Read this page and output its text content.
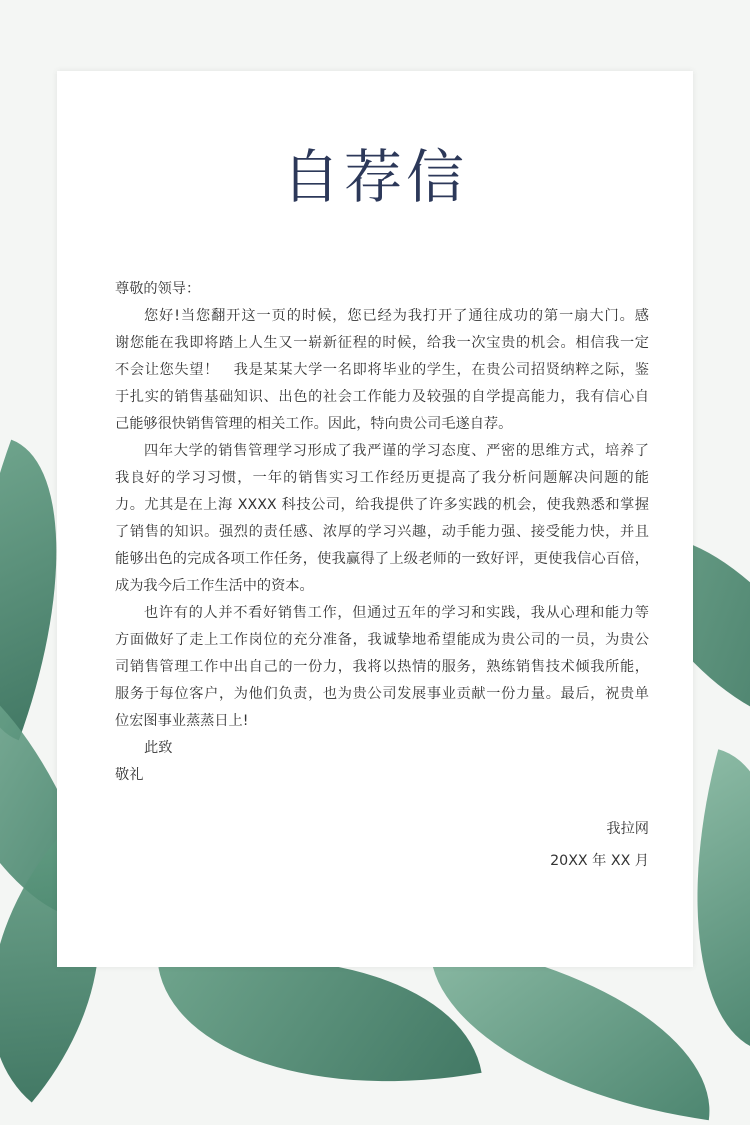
自荐信
尊敬的领导：
您好!当您翻开这一页的时候，您已经为我打开了通往成功的第一扇大门。感
谢您能在我即将踏上人生又一崭新征程的时候，给我一次宝贵的机会。相信我一定
不会让您失望！　我是某某大学一名即将毕业的学生，在贵公司招贤纳粹之际，鉴
于扎实的销售基础知识、出色的社会工作能力及较强的自学提高能力，我有信心自
己能够很快销售管理的相关工作。因此，特向贵公司毛遂自荐。
四年大学的销售管理学习形成了我严谨的学习态度、严密的思维方式，培养了
我良好的学习习惯，一年的销售实习工作经历更提高了我分析问题解决问题的能
力。尤其是在上海 XXXX 科技公司，给我提供了许多实践的机会，使我熟悉和掌握
了销售的知识。强烈的责任感、浓厚的学习兴趣，动手能力强、接受能力快，并且
能够出色的完成各项工作任务，使我赢得了上级老师的一致好评，更使我信心百倍，
成为我今后工作生活中的资本。
也许有的人并不看好销售工作，但通过五年的学习和实践，我从心理和能力等
方面做好了走上工作岗位的充分准备，我诚挚地希望能成为贵公司的一员，为贵公
司销售管理工作中出自己的一份力，我将以热情的服务，熟练销售技术倾我所能，
服务于每位客户，为他们负责，也为贵公司发展事业贡献一份力量。最后，祝贵单
位宏图事业蒸蒸日上!
此致
敬礼
我拉网
20XX 年 XX 月
